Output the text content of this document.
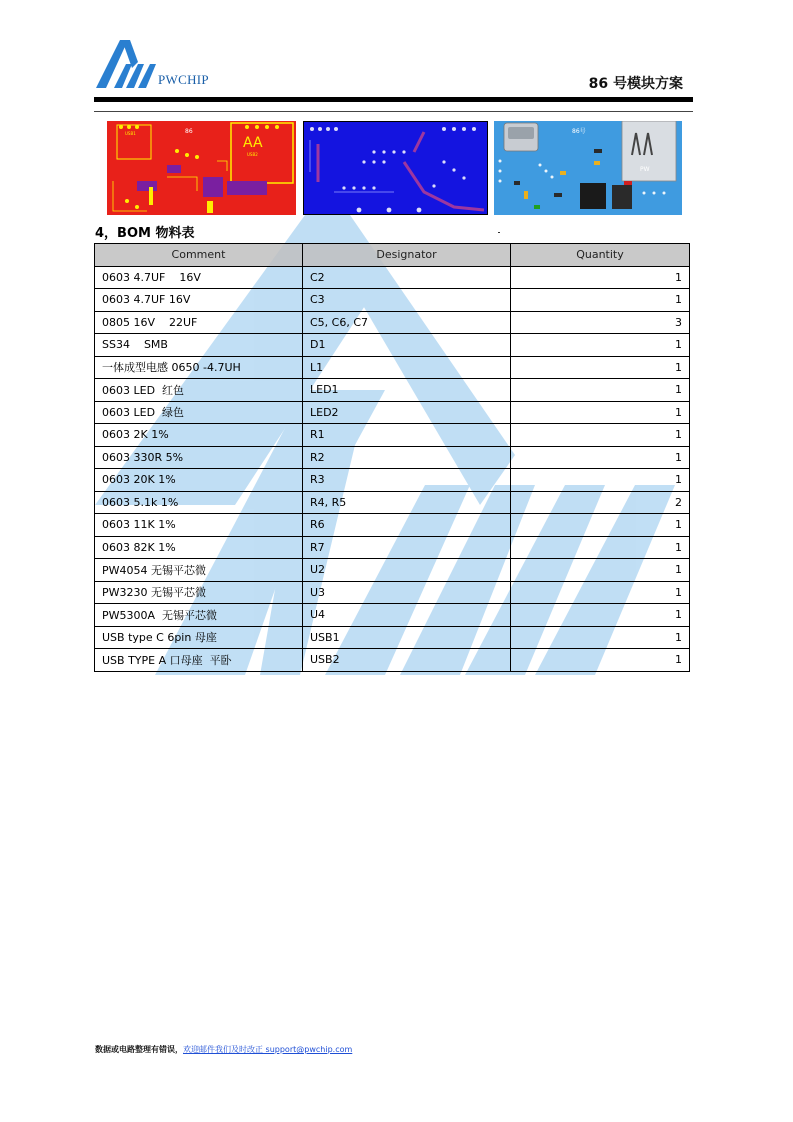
PWCHIP	86 号模块方案
AA
86
USB1
USB2
86号
PW
4，BOM 物料表
Comment	Designator	Quantity
0603 4.7UF    16V	C2	1
0603 4.7UF 16V	C3	1
0805 16V    22UF	C5, C6, C7	3
SS34    SMB	D1	1
一体成型电感 0650 -4.7UH	L1	1
0603 LED  红色	LED1	1
0603 LED  绿色	LED2	1
0603 2K 1%	R1	1
0603 330R 5%	R2	1
0603 20K 1%	R3	1
0603 5.1k 1%	R4, R5	2
0603 11K 1%	R6	1
0603 82K 1%	R7	1
PW4054 无锡平芯微	U2	1
PW3230 无锡平芯微	U3	1
PW5300A  无锡平芯微	U4	1
USB type C 6pin 母座	USB1	1
USB TYPE A 口母座  平卧	USB2	1
数据或电路整理有错误，欢迎邮件我们及时改正 support@pwchip.com
